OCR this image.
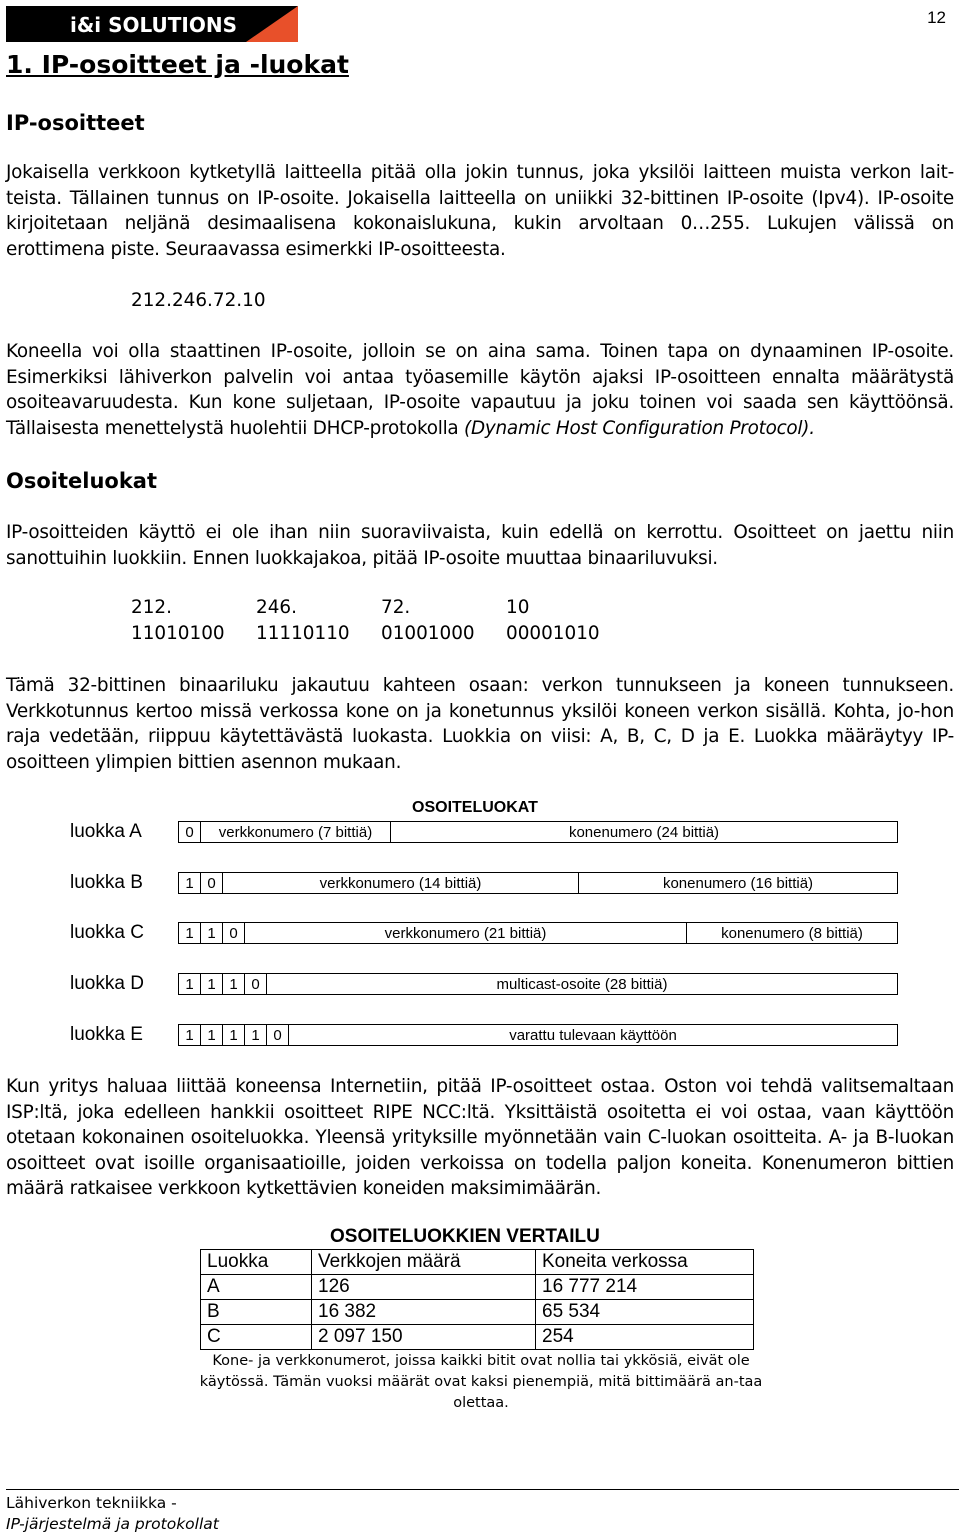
i&i SOLUTIONS	12
1. IP-osoitteet ja -luokat
IP-osoitteet
Jokaisella verkkoon kytketyllä laitteella pitää olla jokin tunnus, joka yksilöi laitteen muista verkon lait-teista. Tällainen tunnus on IP-osoite. Jokaisella laitteella on uniikki 32-bittinen IP-osoite (Ipv4). IP-osoite kirjoitetaan neljänä desimaalisena kokonaislukuna, kukin arvoltaan 0…255. Lukujen välissä on erottimena piste. Seuraavassa esimerkki IP-osoitteesta.
212.246.72.10
Koneella voi olla staattinen IP-osoite, jolloin se on aina sama. Toinen tapa on dynaaminen IP-osoite. Esimerkiksi lähiverkon palvelin voi antaa työasemille käytön ajaksi IP-osoitteen ennalta määrätystä osoiteavaruudesta. Kun kone suljetaan, IP-osoite vapautuu ja joku toinen voi saada sen käyttöönsä. Tällaisesta menettelystä huolehtii DHCP-protokolla (Dynamic Host Configuration Protocol).
Osoiteluokat
IP-osoitteiden käyttö ei ole ihan niin suoraviivaista, kuin edellä on kerrottu. Osoitteet on jaettu niin sanottuihin luokkiin. Ennen luokkajakoa, pitää IP-osoite muuttaa binaariluvuksi.
212.	246.	72.	10
11010100 11110110 01001000 00001010
Tämä 32-bittinen binaariluku jakautuu kahteen osaan: verkon tunnukseen ja koneen tunnukseen. Verkkotunnus kertoo missä verkossa kone on ja konetunnus yksilöi koneen verkon sisällä. Kohta, jo-hon raja vedetään, riippuu käytettävästä luokasta. Luokkia on viisi: A, B, C, D ja E. Luokka määräytyy IP-osoitteen ylimpien bittien asennon mukaan.
OSOITELUOKAT
luokka A	0	verkkonumero (7 bittiä)	konenumero (24 bittiä)
luokka B	1 0	verkkonumero (14 bittiä)	konenumero (16 bittiä)
luokka C	1 1 0	verkkonumero (21 bittiä)	konenumero (8 bittiä)
luokka D	1 1 1 0	multicast-osoite (28 bittiä)
luokka E	1 1 1 1 0	varattu tulevaan käyttöön
Kun yritys haluaa liittää koneensa Internetiin, pitää IP-osoitteet ostaa. Oston voi tehdä valitsemaltaan ISP:ltä, joka edelleen hankkii osoitteet RIPE NCC:ltä. Yksittäistä osoitetta ei voi ostaa, vaan käyttöön otetaan kokonainen osoiteluokka. Yleensä yrityksille myönnetään vain C-luokan osoitteita. A- ja B-luokan osoitteet ovat isoille organisaatioille, joiden verkoissa on todella paljon koneita. Konenumeron bittien määrä ratkaisee verkkoon kytkettävien koneiden maksimimäärän.
OSOITELUOKKIEN VERTAILU
Luokka	Verkkojen määrä	Koneita verkossa
A	126	16 777 214
B	16 382	65 534
C	2 097 150	254
Kone- ja verkkonumerot, joissa kaikki bitit ovat nollia tai ykkösiä, eivät ole käytössä. Tämän vuoksi määrät ovat kaksi pienempiä, mitä bittimäärä an-taa olettaa.
Lähiverkon tekniikka -
IP-järjestelmä ja protokollat
